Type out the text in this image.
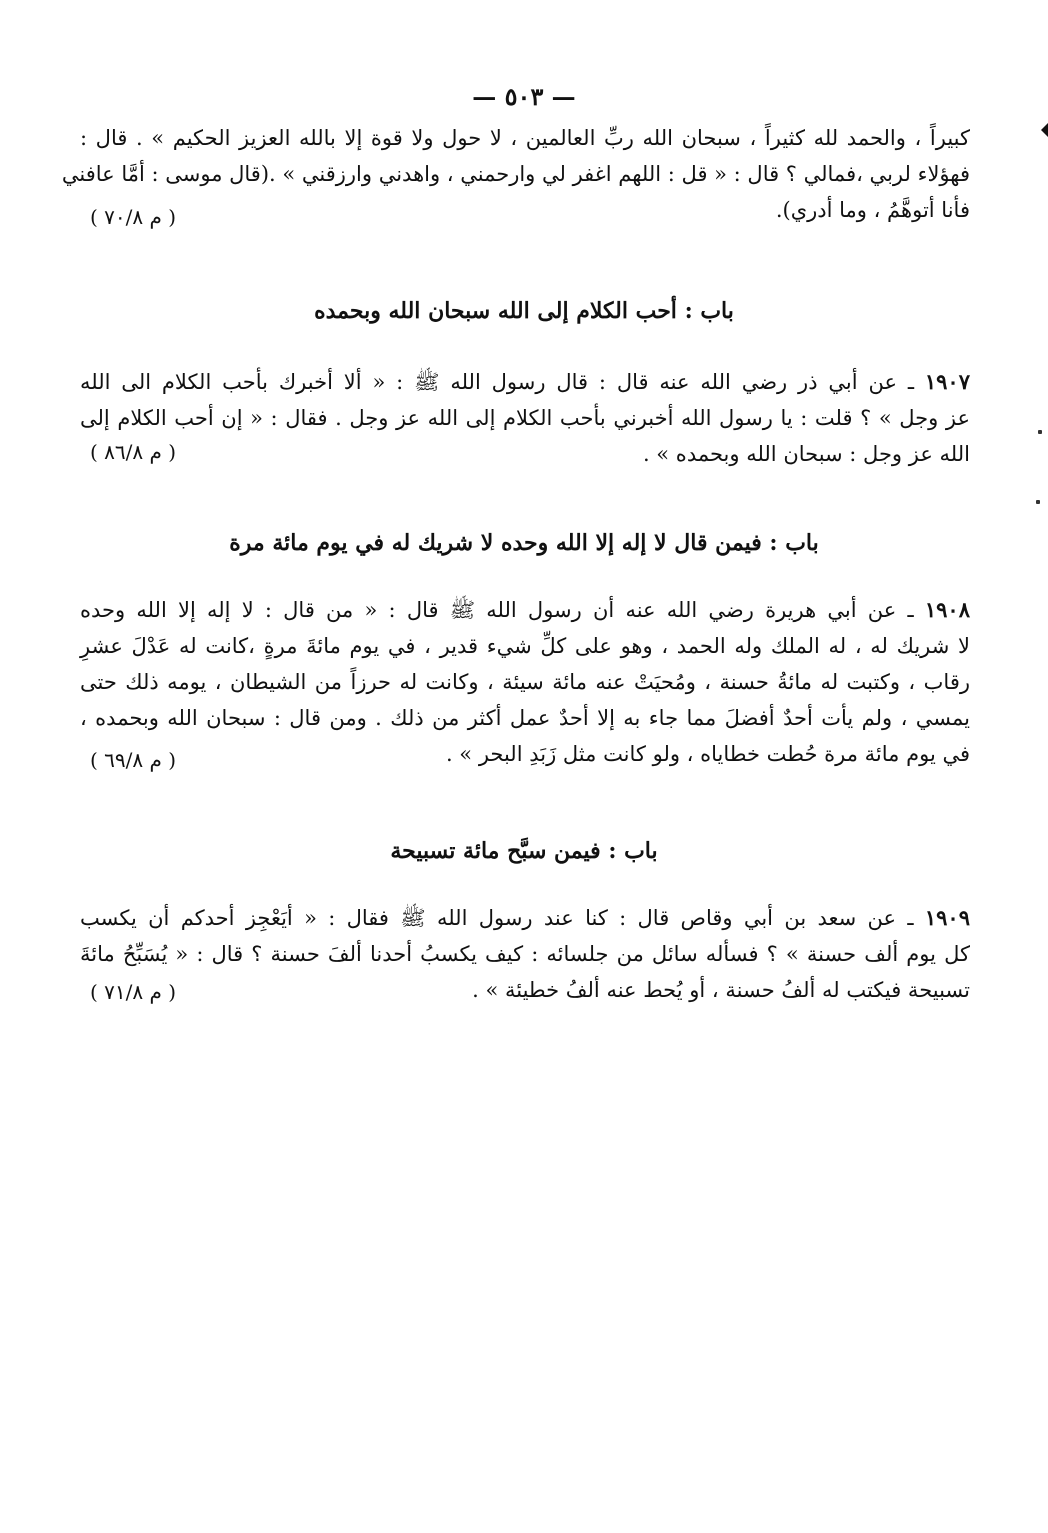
— ٥٠٣ —
كبيراً ، والحمد لله كثيراً ، سبحان الله ربِّ العالمين ، لا حول ولا قوة إلا بالله العزيز الحكيم » . قال :
فهؤلاء لربي ،فمالي ؟ قال : « قل : اللهم اغفر لي وارحمني ، واهدني وارزقني » .(قال موسى : أمَّا عافني
فأنا أتوهَّمُ ، وما أدري).
( م ٧٠/٨ )
باب : أحب الكلام إلى الله سبحان الله وبحمده
١٩٠٧ ـ عن أبي ذر رضي الله عنه قال : قال رسول الله ﷺ : « ألا أخبرك بأحب الكلام الى الله
عز وجل » ؟ قلت : يا رسول الله أخبرني بأحب الكلام إلى الله عز وجل . فقال : « إن أحب الكلام إلى
الله عز وجل : سبحان الله وبحمده » .
( م ٨٦/٨ )
باب : فيمن قال لا إله إلا الله وحده لا شريك له في يوم مائة مرة
١٩٠٨ ـ عن أبي هريرة رضي الله عنه أن رسول الله ﷺ قال : « من قال : لا إله إلا الله وحده
لا شريك له ، له الملك وله الحمد ، وهو على كلِّ شيء قدير ، في يوم مائةَ مرةٍ ،كانت له عَدْلَ عشرِ
رقاب ، وكتبت له مائةُ حسنة ، ومُحيَتْ عنه مائة سيئة ، وكانت له حرزاً من الشيطان ، يومه ذلك حتى
يمسي ، ولم يأت أحدٌ أفضلَ مما جاء به إلا أحدٌ عمل أكثر من ذلك . ومن قال : سبحان الله وبحمده ،
في يوم مائة مرة حُطت خطاياه ، ولو كانت مثل زَبَدِ البحر » .
( م ٦٩/٨ )
باب : فيمن سبَّح مائة تسبيحة
١٩٠٩ ـ عن سعد بن أبي وقاص قال : كنا عند رسول الله ﷺ فقال : « أيَعْجِز أحدكم أن يكسب
كل يوم ألف حسنة » ؟ فسأله سائل من جلسائه : كيف يكسبُ أحدنا ألفَ حسنة ؟ قال : « يُسَبِّحُ مائةَ
تسبيحة فيكتب له ألفُ حسنة ، أو يُحط عنه ألفُ خطيئة » .
( م ٧١/٨ )
